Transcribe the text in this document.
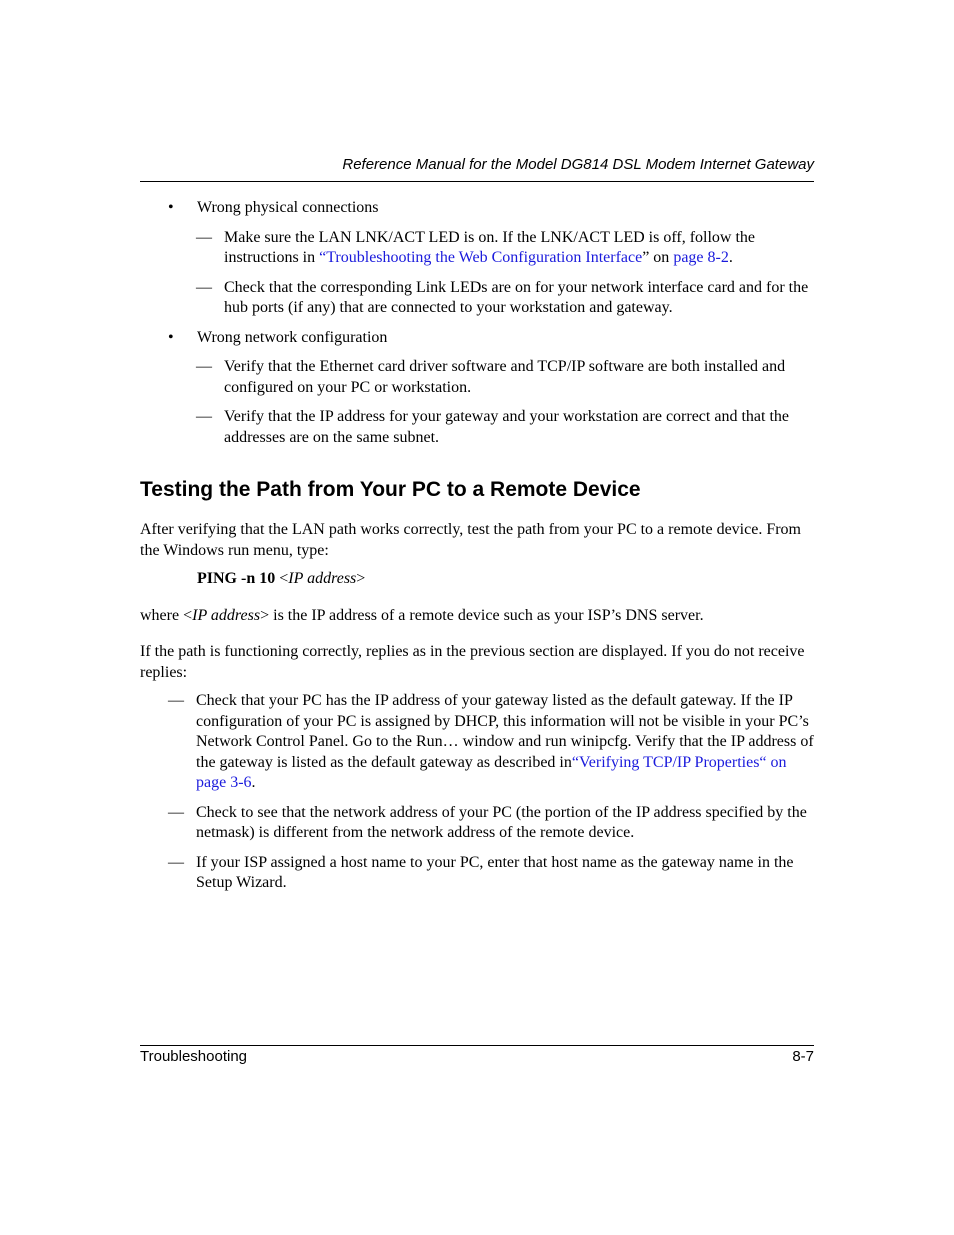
Reference Manual for the Model DG814 DSL Modem Internet Gateway
• Wrong physical connections
— Make sure the LAN LNK/ACT LED is on. If the LNK/ACT LED is off, follow the instructions in “Troubleshooting the Web Configuration Interface” on page 8-2.
— Check that the corresponding Link LEDs are on for your network interface card and for the hub ports (if any) that are connected to your workstation and gateway.
• Wrong network configuration
— Verify that the Ethernet card driver software and TCP/IP software are both installed and configured on your PC or workstation.
— Verify that the IP address for your gateway and your workstation are correct and that the addresses are on the same subnet.
Testing the Path from Your PC to a Remote Device

After verifying that the LAN path works correctly, test the path from your PC to a remote device. From the Windows run menu, type:

PING -n 10 <IP address>

where <IP address> is the IP address of a remote device such as your ISP’s DNS server.

If the path is functioning correctly, replies as in the previous section are displayed. If you do not receive replies:

— Check that your PC has the IP address of your gateway listed as the default gateway. If the IP configuration of your PC is assigned by DHCP, this information will not be visible in your PC’s Network Control Panel. Go to the Run… window and run winipcfg. Verify that the IP address of the gateway is listed as the default gateway as described in“Verifying TCP/IP Properties“ on page 3-6.
— Check to see that the network address of your PC (the portion of the IP address specified by the netmask) is different from the network address of the remote device.
— If your ISP assigned a host name to your PC, enter that host name as the gateway name in the Setup Wizard.
Troubleshooting	8-7
